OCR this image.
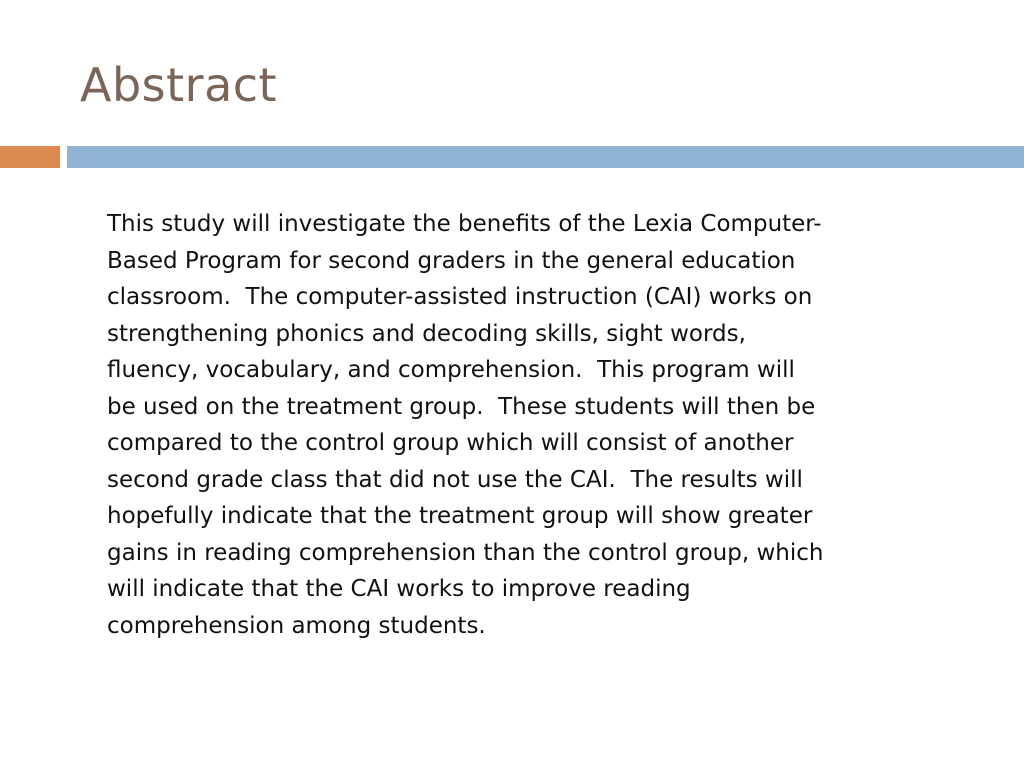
Abstract
This study will investigate the benefits of the Lexia Computer-
Based Program for second graders in the general education
classroom.  The computer-assisted instruction (CAI) works on
strengthening phonics and decoding skills, sight words,
fluency, vocabulary, and comprehension.  This program will
be used on the treatment group.  These students will then be
compared to the control group which will consist of another
second grade class that did not use the CAI.  The results will
hopefully indicate that the treatment group will show greater
gains in reading comprehension than the control group, which
will indicate that the CAI works to improve reading
comprehension among students.
